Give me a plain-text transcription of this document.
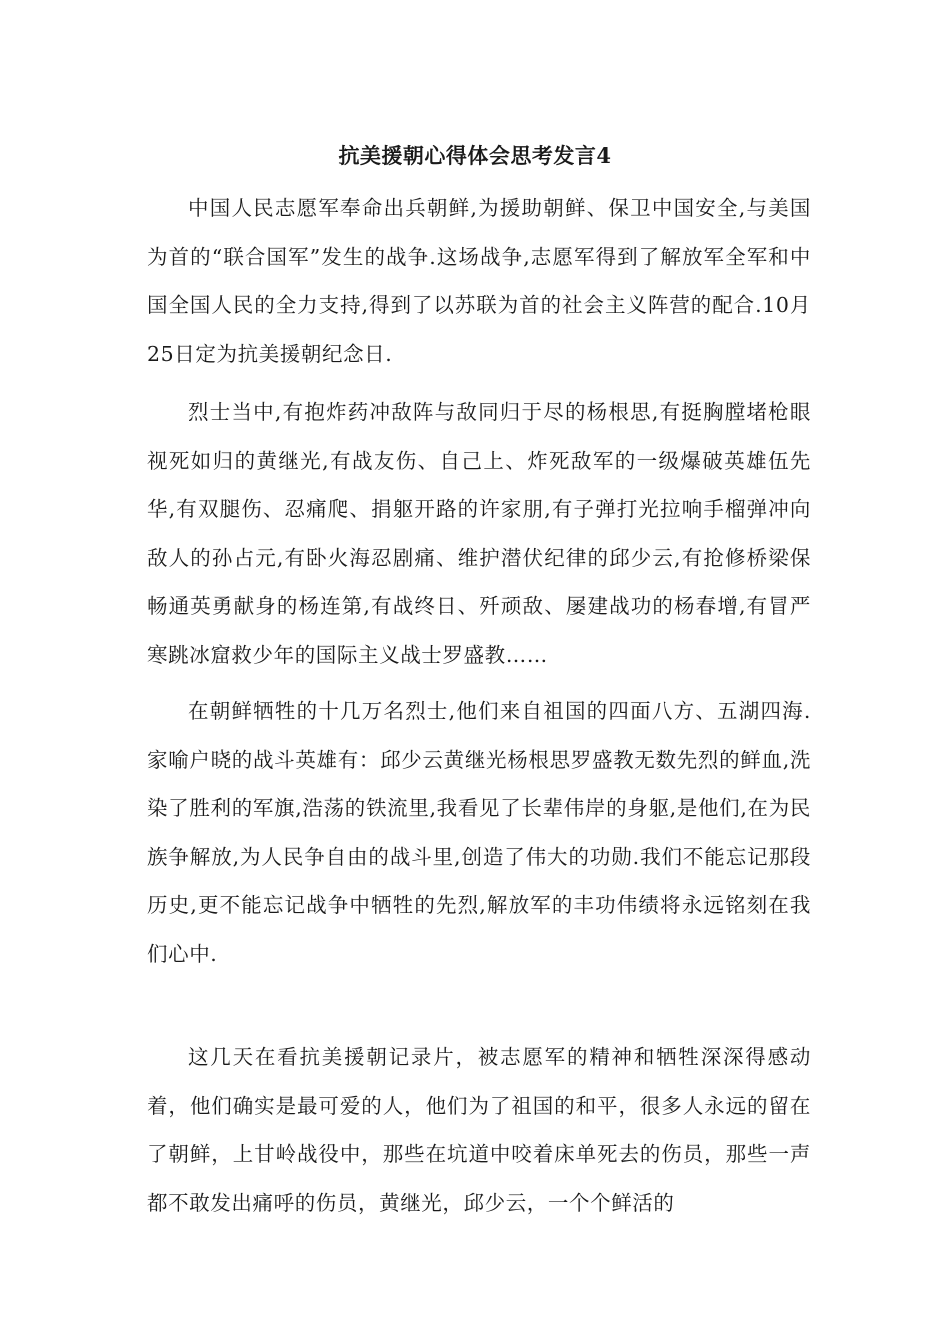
抗美援朝心得体会思考发言4

中国人民志愿军奉命出兵朝鲜,为援助朝鲜、保卫中国安全,与美国为首的“联合国军”发生的战争.这场战争,志愿军得到了解放军全军和中国全国人民的全力支持,得到了以苏联为首的社会主义阵营的配合.10月25日定为抗美援朝纪念日.

烈士当中,有抱炸药冲敌阵与敌同归于尽的杨根思,有挺胸膛堵枪眼视死如归的黄继光,有战友伤、自己上、炸死敌军的一级爆破英雄伍先华,有双腿伤、忍痛爬、捐躯开路的许家朋,有子弹打光拉响手榴弹冲向敌人的孙占元,有卧火海忍剧痛、维护潜伏纪律的邱少云,有抢修桥梁保畅通英勇献身的杨连第,有战终日、歼顽敌、屡建战功的杨春增,有冒严寒跳冰窟救少年的国际主义战士罗盛教……

在朝鲜牺牲的十几万名烈士,他们来自祖国的四面八方、五湖四海.家喻户晓的战斗英雄有：邱少云黄继光杨根思罗盛教无数先烈的鲜血,洗染了胜利的军旗,浩荡的铁流里,我看见了长辈伟岸的身躯,是他们,在为民族争解放,为人民争自由的战斗里,创造了伟大的功勋.我们不能忘记那段历史,更不能忘记战争中牺牲的先烈,解放军的丰功伟绩将永远铭刻在我们心中.

这几天在看抗美援朝记录片，被志愿军的精神和牺牲深深得感动着，他们确实是最可爱的人，他们为了祖国的和平，很多人永远的留在了朝鲜，上甘岭战役中，那些在坑道中咬着床单死去的伤员，那些一声都不敢发出痛呼的伤员，黄继光，邱少云，一个个鲜活的
